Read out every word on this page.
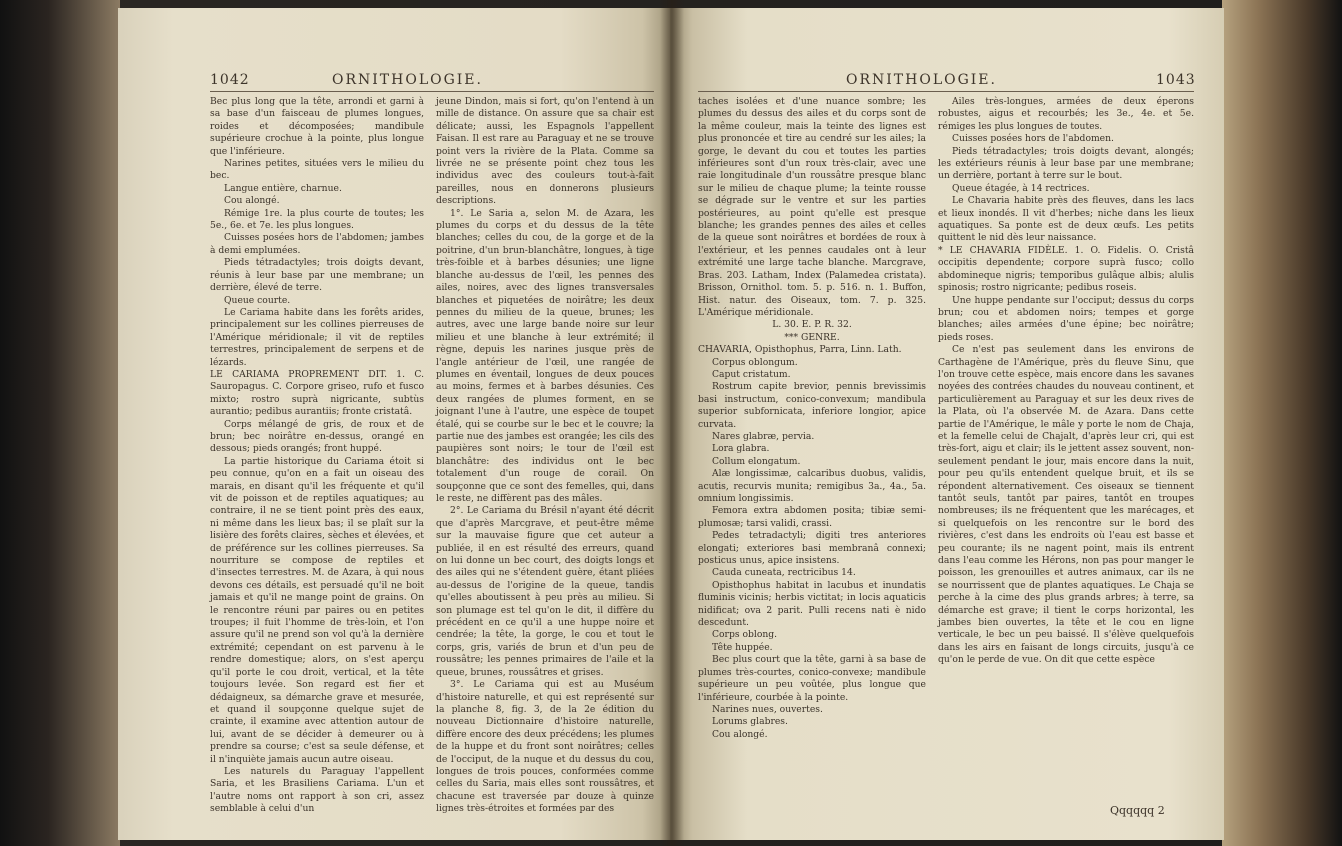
1042	ORNITHOLOGIE.

Bec plus long que la tête, arrondi et garni à sa base d'un faisceau de plumes longues, roides et décomposées; mandibule supérieure crochue à la pointe, plus longue que l'inférieure.

Narines petites, situées vers le milieu du bec.

Langue entière, charnue.

Cou alongé.

Rémige 1re. la plus courte de toutes; les 5e., 6e. et 7e. les plus longues.

Cuisses posées hors de l'abdomen; jambes à demi emplumées.

Pieds tétradactyles; trois doigts devant, réunis à leur base par une membrane; un derrière, élevé de terre.

Queue courte.

Le Cariama habite dans les forêts arides, principalement sur les collines pierreuses de l'Amérique méridionale; il vit de reptiles terrestres, principalement de serpens et de lézards.

LE CARIAMA PROPREMENT DIT. 1. C. Sauropagus. C. Corpore griseo, rufo et fusco mixto; rostro suprà nigricante, subtùs aurantio; pedibus aurantiis; fronte cristatâ.

Corps mélangé de gris, de roux et de brun; bec noirâtre en-dessus, orangé en dessous; pieds orangés; front huppé.

La partie historique du Cariama étoit si peu connue, qu'on en a fait un oiseau des marais, en disant qu'il les fréquente et qu'il vit de poisson et de reptiles aquatiques; au contraire, il ne se tient point près des eaux, ni même dans les lieux bas; il se plaît sur la lisière des forêts claires, sèches et élevées, et de préférence sur les collines pierreuses. Sa nourriture se compose de reptiles et d'insectes terrestres. M. de Azara, à qui nous devons ces détails, est persuadé qu'il ne boit jamais et qu'il ne mange point de grains. On le rencontre réuni par paires ou en petites troupes; il fuit l'homme de très-loin, et l'on assure qu'il ne prend son vol qu'à la dernière extrémité; cependant on est parvenu à le rendre domestique; alors, on s'est aperçu qu'il porte le cou droit, vertical, et la tête toujours levée. Son regard est fier et dédaigneux, sa démarche grave et mesurée, et quand il soupçonne quelque sujet de crainte, il examine avec attention autour de lui, avant de se décider à demeurer ou à prendre sa course; c'est sa seule défense, et il n'inquiète jamais aucun autre oiseau.

Les naturels du Paraguay l'appellent Saria, et les Brasiliens Cariama. L'un et l'autre noms ont rapport à son cri, assez semblable à celui d'un

jeune Dindon, mais si fort, qu'on l'entend à un mille de distance. On assure que sa chair est délicate; aussi, les Espagnols l'appellent Faisan. Il est rare au Paraguay et ne se trouve point vers la rivière de la Plata. Comme sa livrée ne se présente point chez tous les individus avec des couleurs tout-à-fait pareilles, nous en donnerons plusieurs descriptions.

1°. Le Saria a, selon M. de Azara, les plumes du corps et du dessus de la tête blanches; celles du cou, de la gorge et de la poitrine, d'un brun-blanchâtre, longues, à tige très-foible et à barbes désunies; une ligne blanche au-dessus de l'œil, les pennes des ailes, noires, avec des lignes transversales blanches et piquetées de noirâtre; les deux pennes du milieu de la queue, brunes; les autres, avec une large bande noire sur leur milieu et une blanche à leur extrémité; il règne, depuis les narines jusque près de l'angle antérieur de l'œil, une rangée de plumes en éventail, longues de deux pouces au moins, fermes et à barbes désunies. Ces deux rangées de plumes forment, en se joignant l'une à l'autre, une espèce de toupet étalé, qui se courbe sur le bec et le couvre; la partie nue des jambes est orangée; les cils des paupières sont noirs; le tour de l'œil est blanchâtre: des individus ont le bec totalement d'un rouge de corail. On soupçonne que ce sont des femelles, qui, dans le reste, ne diffèrent pas des mâles.

2°. Le Cariama du Brésil n'ayant été décrit que d'après Marcgrave, et peut-être même sur la mauvaise figure que cet auteur a publiée, il en est résulté des erreurs, quand on lui donne un bec court, des doigts longs et des ailes qui ne s'étendent guère, étant pliées au-dessus de l'origine de la queue, tandis qu'elles aboutissent à peu près au milieu. Si son plumage est tel qu'on le dit, il diffère du précédent en ce qu'il a une huppe noire et cendrée; la tête, la gorge, le cou et tout le corps, gris, variés de brun et d'un peu de roussâtre; les pennes primaires de l'aile et la queue, brunes, roussâtres et grises.

3°. Le Cariama qui est au Muséum d'histoire naturelle, et qui est représenté sur la planche 8, fig. 3, de la 2e édition du nouveau Dictionnaire d'histoire naturelle, diffère encore des deux précédens; les plumes de la huppe et du front sont noirâtres; celles de l'occiput, de la nuque et du dessus du cou, longues de trois pouces, conformées comme celles du Saria, mais elles sont roussâtres, et chacune est traversée par douze à quinze lignes très-étroites et formées par des

ORNITHOLOGIE.	1043

taches isolées et d'une nuance sombre; les plumes du dessus des ailes et du corps sont de la même couleur, mais la teinte des lignes est plus prononcée et tire au cendré sur les ailes; la gorge, le devant du cou et toutes les parties inférieures sont d'un roux très-clair, avec une raie longitudinale d'un roussâtre presque blanc sur le milieu de chaque plume; la teinte rousse se dégrade sur le ventre et sur les parties postérieures, au point qu'elle est presque blanche; les grandes pennes des ailes et celles de la queue sont noirâtres et bordées de roux à l'extérieur, et les pennes caudales ont à leur extrémité une large tache blanche. Marcgrave, Bras. 203. Latham, Index (Palamedea cristata). Brisson, Ornithol. tom. 5. p. 516. n. 1. Buffon, Hist. natur. des Oiseaux, tom. 7. p. 325. L'Amérique méridionale.

L. 30. E. P. R. 32.

*** GENRE.

CHAVARIA, Opisthophus, Parra, Linn. Lath.

Corpus oblongum.

Caput cristatum.

Rostrum capite brevior, pennis brevissimis basi instructum, conico-convexum; mandibula superior subfornicata, inferiore longior, apice curvata.

Nares glabræ, pervia.

Lora glabra.

Collum elongatum.

Alæ longissimæ, calcaribus duobus, validis, acutis, recurvis munita; remigibus 3a., 4a., 5a. omnium longissimis.

Femora extra abdomen posita; tibiæ semi-plumosæ; tarsi validi, crassi.

Pedes tetradactyli; digiti tres anteriores elongati; exteriores basi membranâ connexi; posticus unus, apice insistens.

Cauda cuneata, rectricibus 14.

Opisthophus habitat in lacubus et inundatis fluminis vicinis; herbis victitat; in locis aquaticis nidificat; ova 2 parit. Pulli recens nati è nido descedunt.

Corps oblong.

Tête huppée.

Bec plus court que la tête, garni à sa base de plumes très-courtes, conico-convexe; mandibule supérieure un peu voûtée, plus longue que l'inférieure, courbée à la pointe.

Narines nues, ouvertes.

Lorums glabres.

Cou alongé.

Ailes très-longues, armées de deux éperons robustes, aigus et recourbés; les 3e., 4e. et 5e. rémiges les plus longues de toutes.

Cuisses posées hors de l'abdomen.

Pieds tétradactyles; trois doigts devant, alongés; les extérieurs réunis à leur base par une membrane; un derrière, portant à terre sur le bout.

Queue étagée, à 14 rectrices.

Le Chavaria habite près des fleuves, dans les lacs et lieux inondés. Il vit d'herbes; niche dans les lieux aquatiques. Sa ponte est de deux œufs. Les petits quittent le nid dès leur naissance.

* LE CHAVARIA FIDÈLE. 1. O. Fidelis. O. Cristâ occipitis dependente; corpore suprà fusco; collo abdomineque nigris; temporibus gulâque albis; alulis spinosis; rostro nigricante; pedibus roseis.

Une huppe pendante sur l'occiput; dessus du corps brun; cou et abdomen noirs; tempes et gorge blanches; ailes armées d'une épine; bec noirâtre; pieds roses.

Ce n'est pas seulement dans les environs de Carthagène de l'Amérique, près du fleuve Sinu, que l'on trouve cette espèce, mais encore dans les savanes noyées des contrées chaudes du nouveau continent, et particulièrement au Paraguay et sur les deux rives de la Plata, où l'a observée M. de Azara. Dans cette partie de l'Amérique, le mâle y porte le nom de Chaja, et la femelle celui de Chajalt, d'après leur cri, qui est très-fort, aigu et clair; ils le jettent assez souvent, non-seulement pendant le jour, mais encore dans la nuit, pour peu qu'ils entendent quelque bruit, et ils se répondent alternativement. Ces oiseaux se tiennent tantôt seuls, tantôt par paires, tantôt en troupes nombreuses; ils ne fréquentent que les marécages, et si quelquefois on les rencontre sur le bord des rivières, c'est dans les endroits où l'eau est basse et peu courante; ils ne nagent point, mais ils entrent dans l'eau comme les Hérons, non pas pour manger le poisson, les grenouilles et autres animaux, car ils ne se nourrissent que de plantes aquatiques. Le Chaja se perche à la cime des plus grands arbres; à terre, sa démarche est grave; il tient le corps horizontal, les jambes bien ouvertes, la tête et le cou en ligne verticale, le bec un peu baissé. Il s'élève quelquefois dans les airs en faisant de longs circuits, jusqu'à ce qu'on le perde de vue. On dit que cette espèce

Qqqqqq 2
